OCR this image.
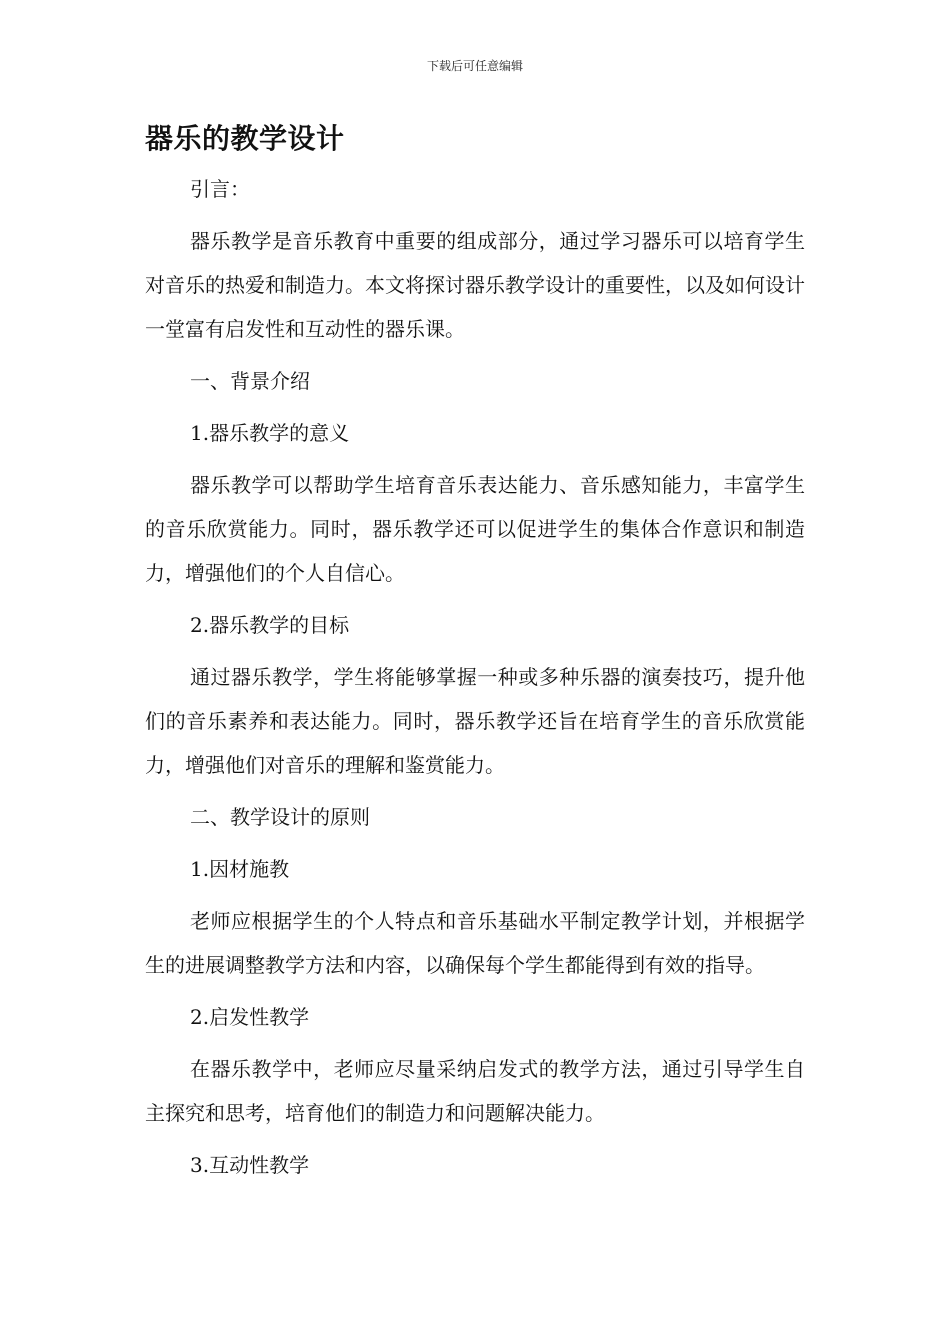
下载后可任意编辑
器乐的教学设计

引言：

器乐教学是音乐教育中重要的组成部分，通过学习器乐可以培育学生对音乐的热爱和制造力。本文将探讨器乐教学设计的重要性，以及如何设计一堂富有启发性和互动性的器乐课。

一、背景介绍

1.器乐教学的意义

器乐教学可以帮助学生培育音乐表达能力、音乐感知能力，丰富学生的音乐欣赏能力。同时，器乐教学还可以促进学生的集体合作意识和制造力，增强他们的个人自信心。

2.器乐教学的目标

通过器乐教学，学生将能够掌握一种或多种乐器的演奏技巧，提升他们的音乐素养和表达能力。同时，器乐教学还旨在培育学生的音乐欣赏能力，增强他们对音乐的理解和鉴赏能力。

二、教学设计的原则

1.因材施教

老师应根据学生的个人特点和音乐基础水平制定教学计划，并根据学生的进展调整教学方法和内容，以确保每个学生都能得到有效的指导。

2.启发性教学

在器乐教学中，老师应尽量采纳启发式的教学方法，通过引导学生自主探究和思考，培育他们的制造力和问题解决能力。

3.互动性教学
